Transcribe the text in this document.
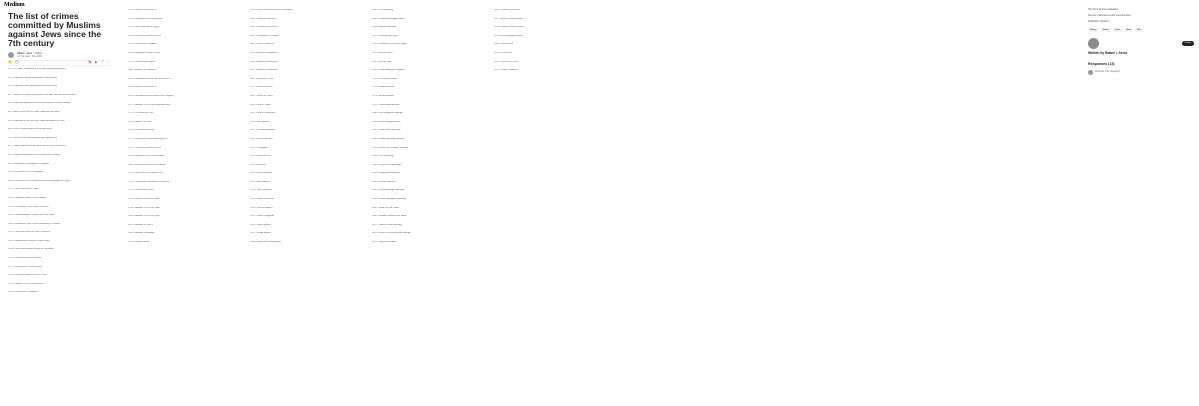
Medium
The list of crimes committed by Muslims against Jews since the 7th century
Rafael I. Seror Follow
12 min read · Nov 2023
👏 💬	🔖 ▶ ⤴ ⋯
622 - 627 Abuse, slandering of Jews from Medina and killing, ...
624 - Expulsion of Banu Qaynuqa tribe from Medina
625 - Expulsion of the Banu Nadir tribe from Medina
627 - Massacre of Banu Qurayza tribe of Medina, 600-900 men beheaded
628 - Expedition against the Jews from Khaybar, killing and looting
629 - Attack on the tribe of Fadak, expulsion and tribute
634 - Expulsion of Jews from the Arabian peninsula by Umar
640 - Jews of Najran deported to Iraq and Syria
717 - Pact of Umar: discriminatory laws against Jews
807 - Caliph Harun al-Rashid orders Jews to wear a yellow belt
850 - Caliph al-Mutawakkil decrees distinctive clothing
890 - Destruction of synagogues in Baghdad
929 - Persecution of Jews in Baghdad
1008 - Persecution of Jews and destruction of synagogues in Egypt
1011 - Anti-Jewish riots in Fustat
1016 - Expulsion of the Jews of Kairouan
1033 - Fez massacre, over 6,000 Jews killed
1066 - Granada massacre, about 4,000 Jews killed
1090 - Destruction of the Jewish community of Granada
1107 - Forced conversion of Jews in Morocco
1146 - Almohad persecutions in North Africa
1148 - Forced conversions in Spain by Almohads
1165 - Forced conversions in Yemen
1172 - Persecution of Jews in Yemen
1198 - Forced conversion of Jews in Aden
1232 - Massacre of Jews in Marrakesh
1260 - Persecution in Damascus
1276 - Massacre of Jews in Fez
1291 - Riots against Jews in Baghdad
1301 - Anti-Jewish laws in Egypt
1318 - Forced conversions in Persia
1333 - Persecution in Baghdad
1344 - Synagogues closed in Cairo
1391 - Persecution in Algeria
1400 - Massacre in Damascus
1438 - Establishment of the first mellah in Fez
1465 - Massacre of Jews in Fez
1492 - Expulsion and persecution in the Maghreb
1517 - Massacre of Jews in Hebron and Safed
1523 - Persecution in Cairo
1535 - Massacre in Tunis
1545 - Persecution in Yemen
1577 - Destruction of Safed printing press
1617 - Forced conversions in Persia
1656 - Expulsion of Jews from Isfahan
1660 - Destruction of Safed and Tiberias
1679 - Mawza exile of Yemenite Jews
1720 - Confiscation of property in Jerusalem
1728 - Persecution in Tunis
1785 - Massacre of Jews in Tripoli
1790 - Massacre of Jews in Tetuan
1805 - Massacre of Jews in Algiers
1815 - Massacre in Algiers
1828 - Massacre in Baghdad
1834 - Pillage of Safed
1839 - Forced conversion of Jews in Mashhad
1840 - Damascus blood libel
1844 - Persecution in Morocco
1847 - Blood libels in Lebanon
1848 - Riots in Jerusalem
1850 - Massacre in Barforush
1864 - Massacre in Marrakesh
1867 - Massacre in Barfurush
1869 - Massacre in Tunis
1875 - Riots in Morocco
1882 - Attacks in Yemen
1891 - Riots in Tripoli
1897 - Riots in Tripolitania
1903 - Taza massacre
1907 - Casablanca pogrom
1910 - Shiraz blood libel
1912 - Fez pogrom
1920 - Jerusalem riots
1921 - Jaffa riots
1929 - Hebron massacre
1929 - Safed massacre
1934 - Thrace pogroms
1936 - Arab revolt attacks
1938 - Tiberias massacre
1941 - Farhud in Baghdad
1945 - Tripoli pogrom
1947 - Aleppo pogrom
1948 - Oujda and Jerada pogroms
1948 - Cairo bombings
1949 - Damascus synagogue attack
1950 - Baghdad bombings
1952 - Persecution in Egypt
1956 - Expulsion of Jews from Egypt
1967 - Riots in Tripoli
1967 - Riots in Aden
1969 - Public hangings in Baghdad
1970 - Persecution in Syria
1972 - Munich massacre
1974 - Ma'alot massacre
1978 - Coastal Road massacre
1980 - Paris synagogue bombing
1982 - Rome synagogue attack
1985 - Achille Lauro hijacking
1986 - Istanbul synagogue massacre
1992 - Buenos Aires embassy bombing
1994 - AMIA bombing
1996 - Jerusalem bus bombings
2001 - Dolphinarium massacre
2002 - Passover massacre
2002 - Djerba synagogue bombing
2003 - Istanbul synagogue bombings
2006 - Murder of Ilan Halimi
2008 - Mumbai Chabad House attack
2012 - Toulouse school shooting
2014 - Brussels Jewish Museum shooting
2015 - Hypercacher attack
2016 - Attacks in Jerusalem
2017 - Murder of Sarah Halimi
2018 - Murder of Mireille Knoll
2019 - Halle synagogue attack
2020 - Vienna attack
2021 - Riots in Lod
2022 - Attacks in Tel Aviv
2023 - October 7 massacre

This list is far from exhaustive.

Sources: historical records and chronicles.

Published in Medium

History	Jewish	Israel	Islam	War
Follow
Written by Rafael I. Seror
Responses (13)
What are your thoughts?
